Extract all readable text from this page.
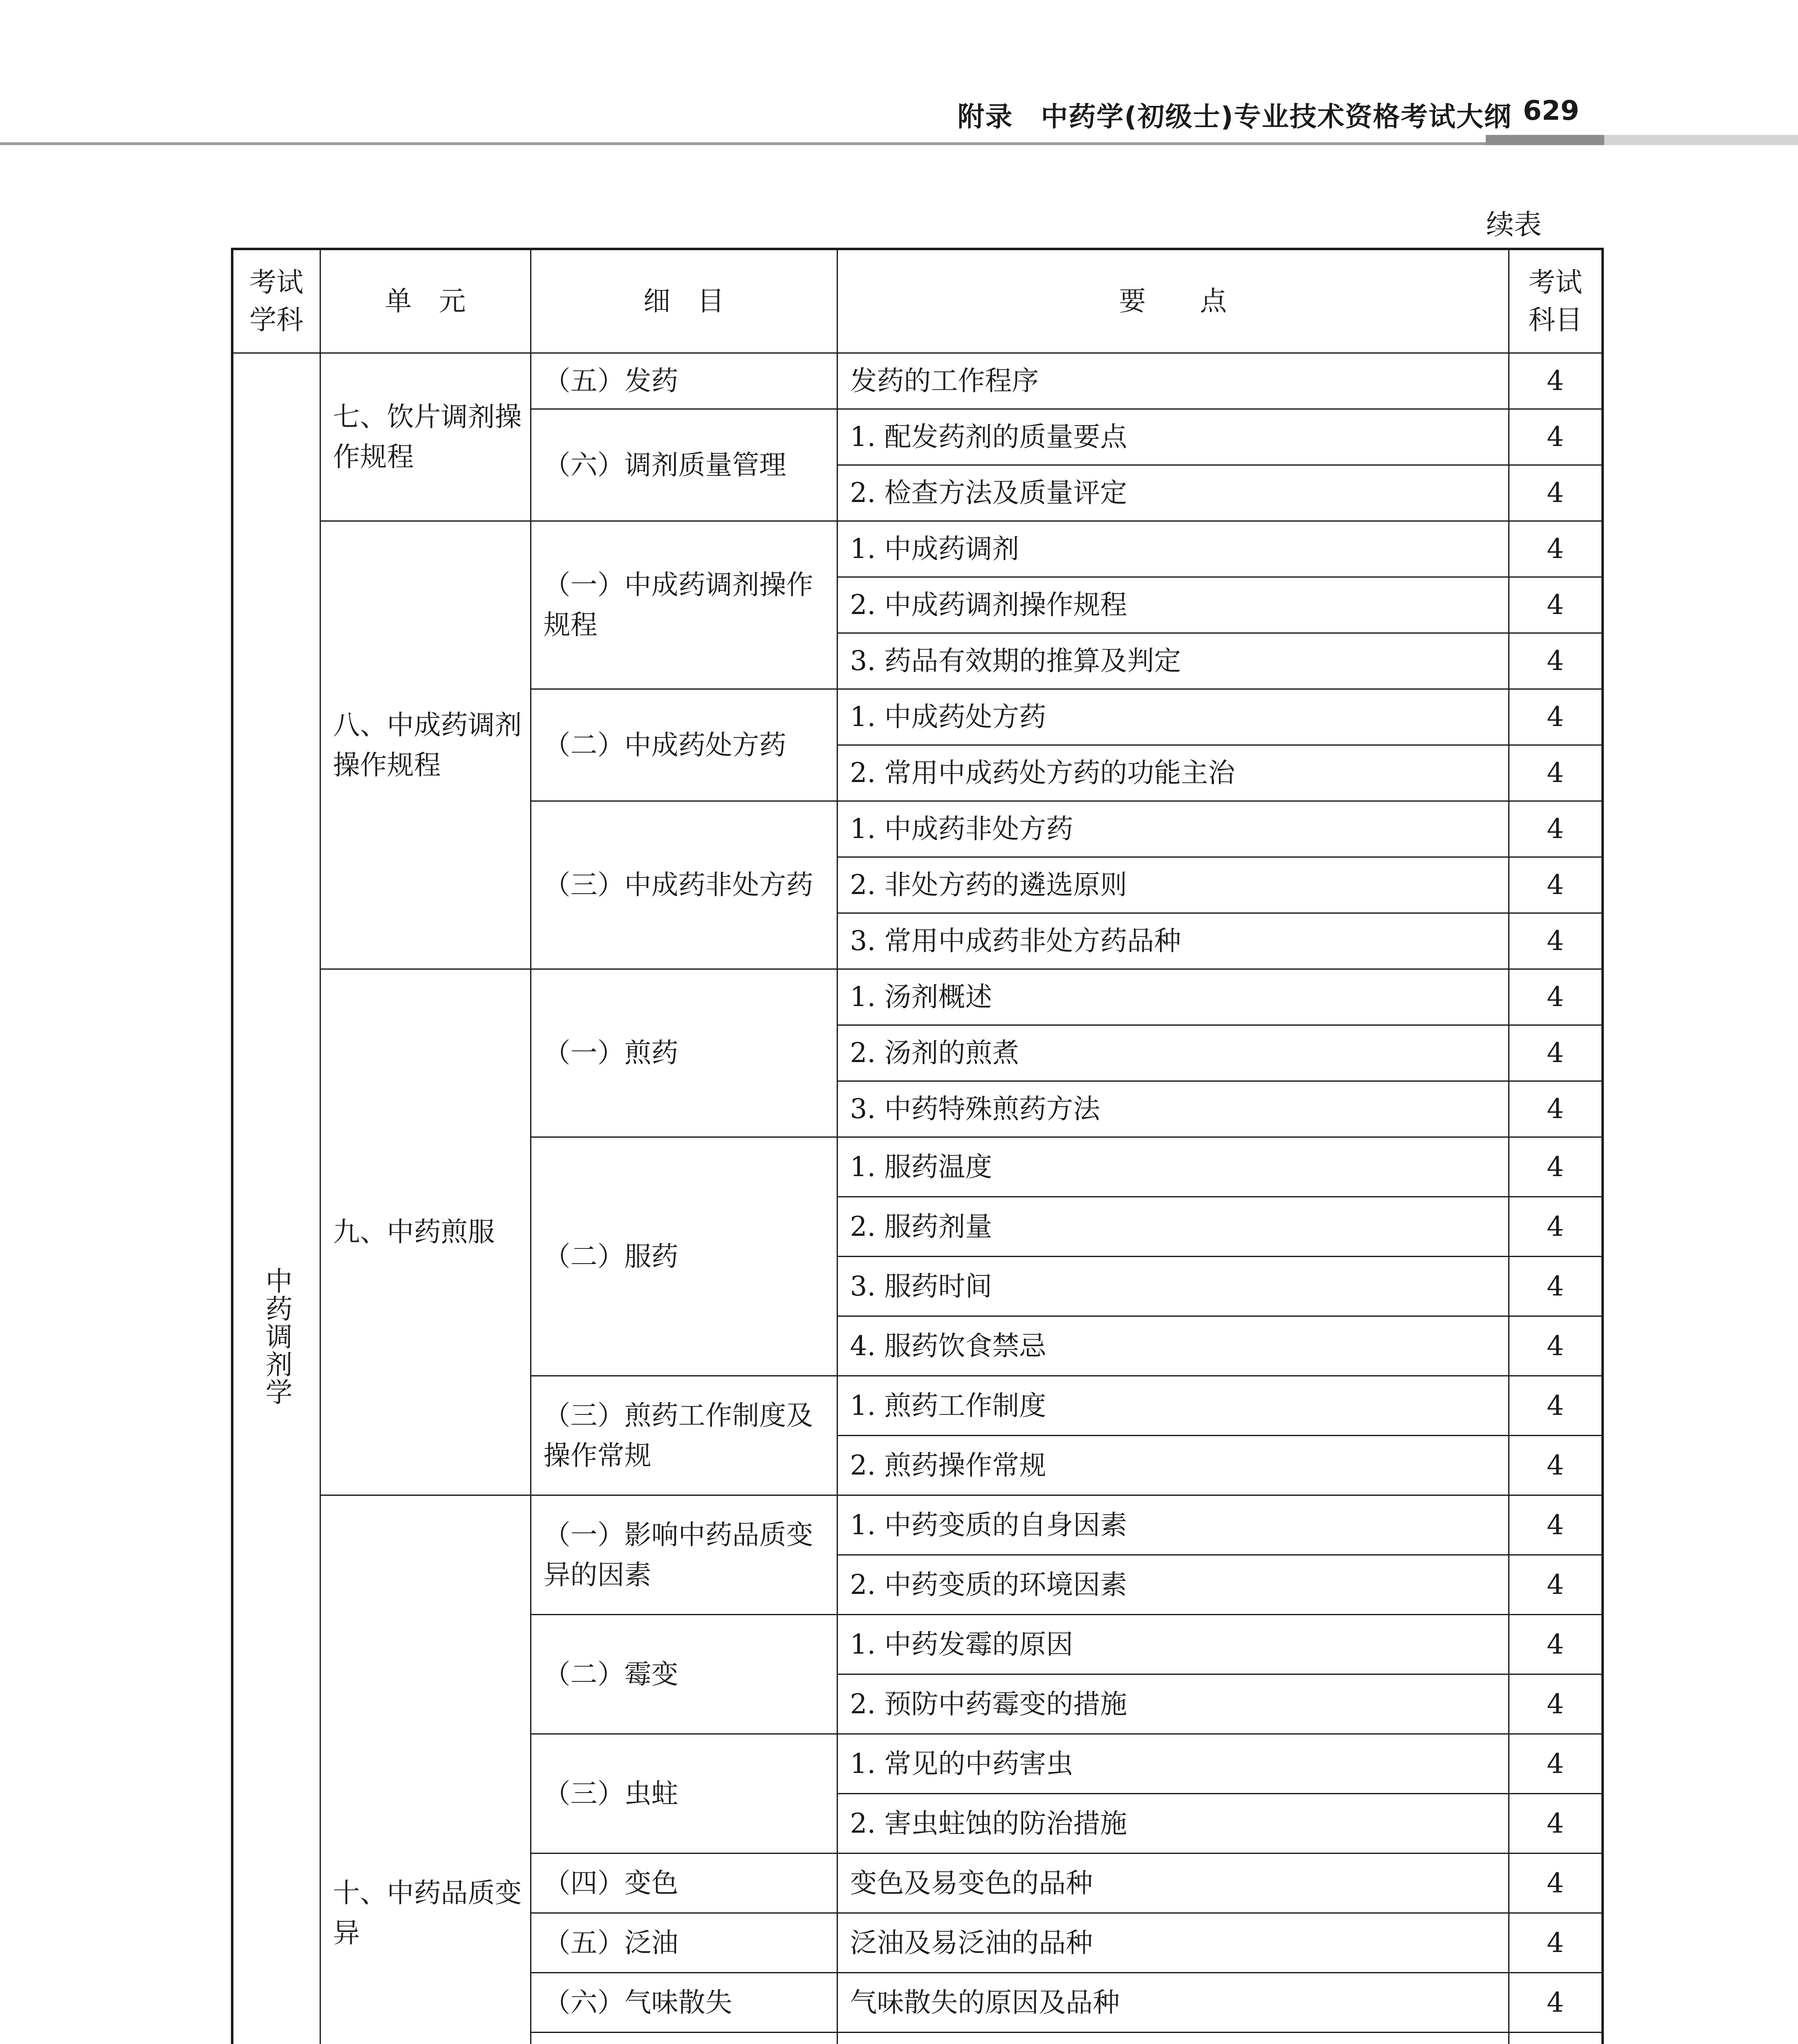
附录　中药学(初级士)专业技术资格考试大纲 629
续表
考试学科	单　元	细　目	要　　点	考试科目
中药调剂学	七、饮片调剂操作规程	（五）发药	发药的工作程序	4
		（六）调剂质量管理	1. 配发药剂的质量要点	4
			2. 检查方法及质量评定	4
	八、中成药调剂操作规程	（一）中成药调剂操作规程	1. 中成药调剂	4
			2. 中成药调剂操作规程	4
			3. 药品有效期的推算及判定	4
		（二）中成药处方药	1. 中成药处方药	4
			2. 常用中成药处方药的功能主治	4
		（三）中成药非处方药	1. 中成药非处方药	4
			2. 非处方药的遴选原则	4
			3. 常用中成药非处方药品种	4
	九、中药煎服	（一）煎药	1. 汤剂概述	4
			2. 汤剂的煎煮	4
			3. 中药特殊煎药方法	4
		（二）服药	1. 服药温度	4
			2. 服药剂量	4
			3. 服药时间	4
			4. 服药饮食禁忌	4
		（三）煎药工作制度及操作常规	1. 煎药工作制度	4
			2. 煎药操作常规	4
	十、中药品质变异	（一）影响中药品质变异的因素	1. 中药变质的自身因素	4
			2. 中药变质的环境因素	4
		（二）霉变	1. 中药发霉的原因	4
			2. 预防中药霉变的措施	4
		（三）虫蛀	1. 常见的中药害虫	4
			2. 害虫蛀蚀的防治措施	4
		（四）变色	变色及易变色的品种	4
		（五）泛油	泛油及易泛油的品种	4
		（六）气味散失	气味散失的原因及品种	4
